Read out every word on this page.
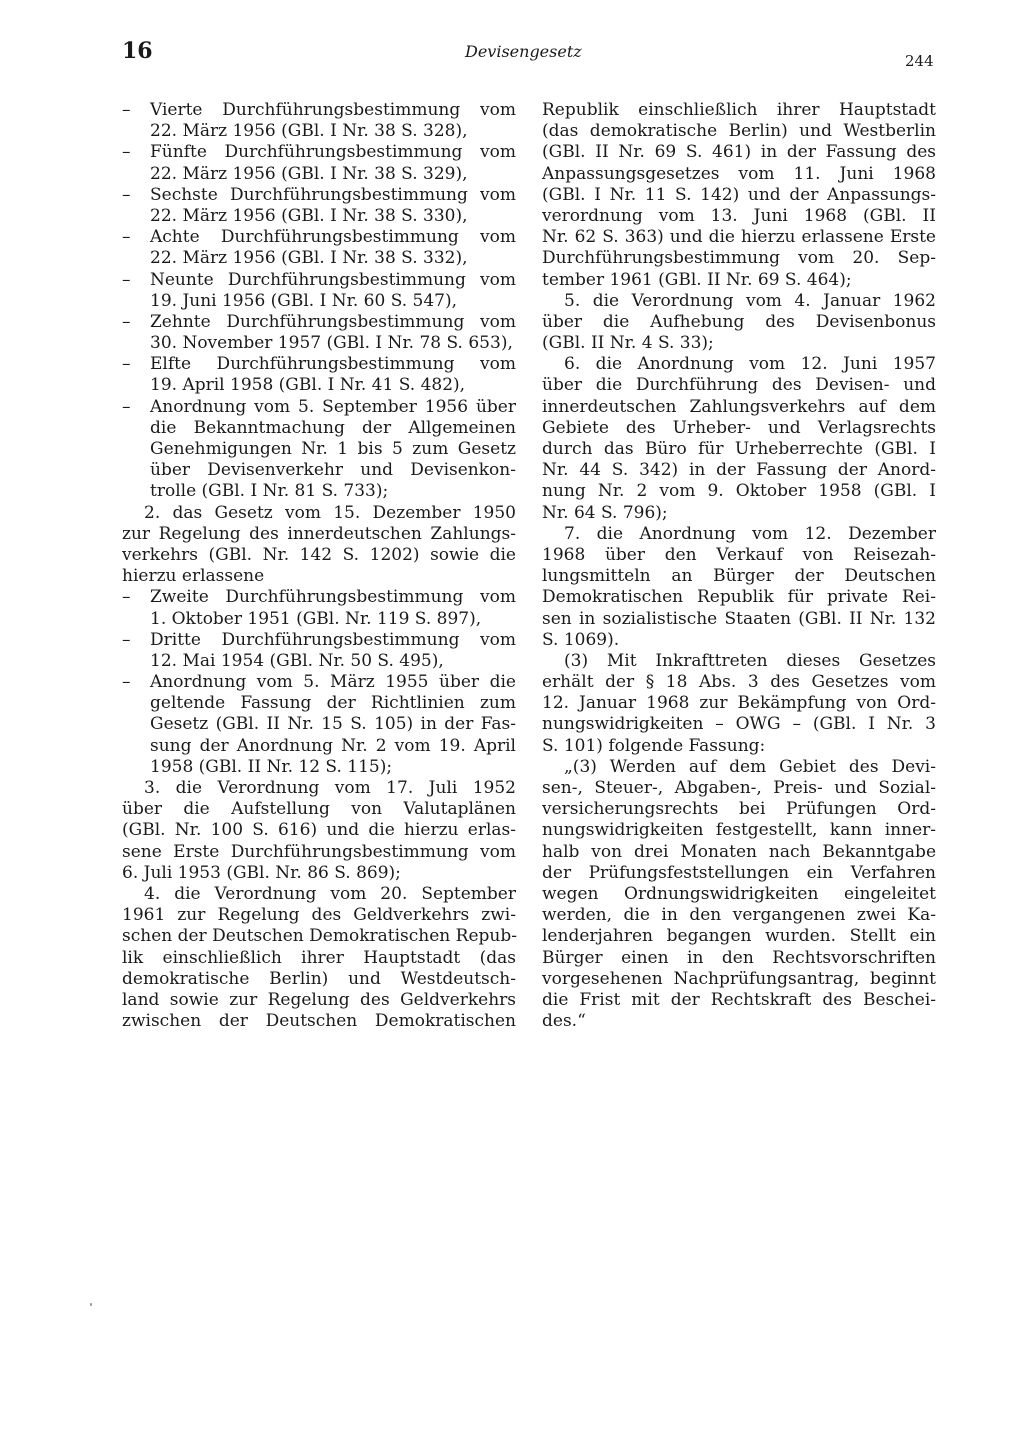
16	Devisengesetz	244
– Vierte Durchführungsbestimmung vom
22. März 1956 (GBl. I Nr. 38 S. 328),
– Fünfte Durchführungsbestimmung vom
22. März 1956 (GBl. I Nr. 38 S. 329),
– Sechste Durchführungsbestimmung vom
22. März 1956 (GBl. I Nr. 38 S. 330),
– Achte Durchführungsbestimmung vom
22. März 1956 (GBl. I Nr. 38 S. 332),
– Neunte Durchführungsbestimmung vom
19. Juni 1956 (GBl. I Nr. 60 S. 547),
– Zehnte Durchführungsbestimmung vom
30. November 1957 (GBl. I Nr. 78 S. 653),
– Elfte Durchführungsbestimmung vom
19. April 1958 (GBl. I Nr. 41 S. 482),
– Anordnung vom 5. September 1956 über
die Bekanntmachung der Allgemeinen
Genehmigungen Nr. 1 bis 5 zum Gesetz
über Devisenverkehr und Devisenkon-
trolle (GBl. I Nr. 81 S. 733);
2. das Gesetz vom 15. Dezember 1950
zur Regelung des innerdeutschen Zahlungs-
verkehrs (GBl. Nr. 142 S. 1202) sowie die
hierzu erlassene
– Zweite Durchführungsbestimmung vom
1. Oktober 1951 (GBl. Nr. 119 S. 897),
– Dritte Durchführungsbestimmung vom
12. Mai 1954 (GBl. Nr. 50 S. 495),
– Anordnung vom 5. März 1955 über die
geltende Fassung der Richtlinien zum
Gesetz (GBl. II Nr. 15 S. 105) in der Fas-
sung der Anordnung Nr. 2 vom 19. April
1958 (GBl. II Nr. 12 S. 115);
3. die Verordnung vom 17. Juli 1952
über die Aufstellung von Valutaplänen
(GBl. Nr. 100 S. 616) und die hierzu erlas-
sene Erste Durchführungsbestimmung vom
6. Juli 1953 (GBl. Nr. 86 S. 869);
4. die Verordnung vom 20. September
1961 zur Regelung des Geldverkehrs zwi-
schen der Deutschen Demokratischen Repub-
lik einschließlich ihrer Hauptstadt (das
demokratische Berlin) und Westdeutsch-
land sowie zur Regelung des Geldverkehrs
zwischen der Deutschen Demokratischen
Republik einschließlich ihrer Hauptstadt
(das demokratische Berlin) und Westberlin
(GBl. II Nr. 69 S. 461) in der Fassung des
Anpassungsgesetzes vom 11. Juni 1968
(GBl. I Nr. 11 S. 142) und der Anpassungs-
verordnung vom 13. Juni 1968 (GBl. II
Nr. 62 S. 363) und die hierzu erlassene Erste
Durchführungsbestimmung vom 20. Sep-
tember 1961 (GBl. II Nr. 69 S. 464);
5. die Verordnung vom 4. Januar 1962
über die Aufhebung des Devisenbonus
(GBl. II Nr. 4 S. 33);
6. die Anordnung vom 12. Juni 1957
über die Durchführung des Devisen- und
innerdeutschen Zahlungsverkehrs auf dem
Gebiete des Urheber- und Verlagsrechts
durch das Büro für Urheberrechte (GBl. I
Nr. 44 S. 342) in der Fassung der Anord-
nung Nr. 2 vom 9. Oktober 1958 (GBl. I
Nr. 64 S. 796);
7. die Anordnung vom 12. Dezember
1968 über den Verkauf von Reisezah-
lungsmitteln an Bürger der Deutschen
Demokratischen Republik für private Rei-
sen in sozialistische Staaten (GBl. II Nr. 132
S. 1069).
(3) Mit Inkrafttreten dieses Gesetzes
erhält der § 18 Abs. 3 des Gesetzes vom
12. Januar 1968 zur Bekämpfung von Ord-
nungswidrigkeiten – OWG – (GBl. I Nr. 3
S. 101) folgende Fassung:
„(3) Werden auf dem Gebiet des Devi-
sen-, Steuer-, Abgaben-, Preis- und Sozial-
versicherungsrechts bei Prüfungen Ord-
nungswidrigkeiten festgestellt, kann inner-
halb von drei Monaten nach Bekanntgabe
der Prüfungsfeststellungen ein Verfahren
wegen Ordnungswidrigkeiten eingeleitet
werden, die in den vergangenen zwei Ka-
lenderjahren begangen wurden. Stellt ein
Bürger einen in den Rechtsvorschriften
vorgesehenen Nachprüfungsantrag, beginnt
die Frist mit der Rechtskraft des Beschei-
des.“
